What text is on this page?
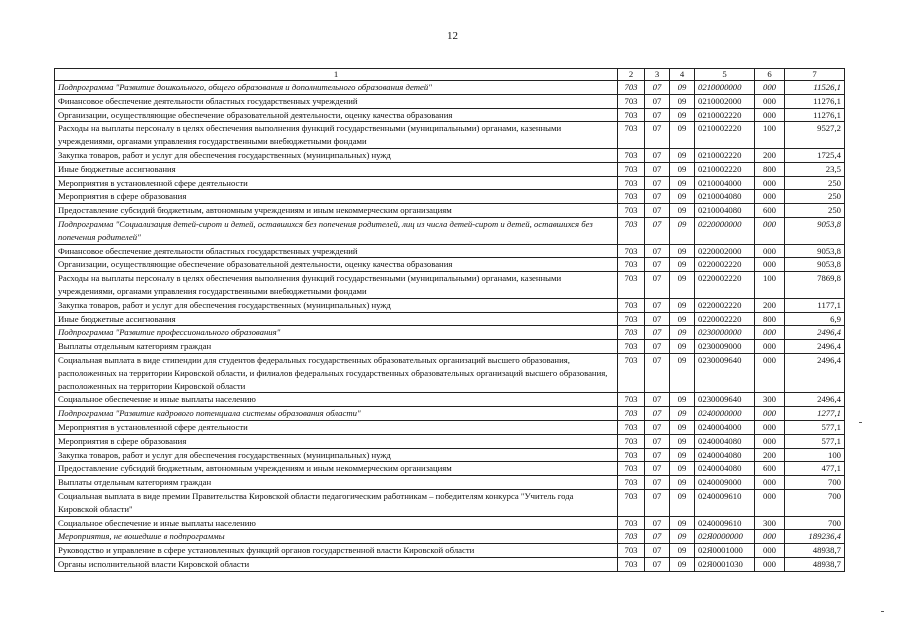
12
1	2	3	4	5	6	7
Подпрограмма "Развитие дошкольного, общего образования и дополнительного образования детей"	703	07	09	0210000000	000	11526,1
Финансовое обеспечение деятельности областных государственных учреждений	703	07	09	0210002000	000	11276,1
Организации, осуществляющие обеспечение образовательной деятельности, оценку качества образования	703	07	09	0210002220	000	11276,1
Расходы на выплаты персоналу в целях обеспечения выполнения функций государственными (муниципальными) органами, казенными учреждениями, органами управления государственными внебюджетными фондами	703	07	09	0210002220	100	9527,2
Закупка товаров, работ и услуг для обеспечения государственных (муниципальных) нужд	703	07	09	0210002220	200	1725,4
Иные бюджетные ассигнования	703	07	09	0210002220	800	23,5
Мероприятия в установленной сфере деятельности	703	07	09	0210004000	000	250
Мероприятия в сфере образования	703	07	09	0210004080	000	250
Предоставление субсидий бюджетным, автономным учреждениям и иным некоммерческим организациям	703	07	09	0210004080	600	250
Подпрограмма "Социализация детей-сирот и детей, оставшихся без попечения родителей, лиц из числа детей-сирот и детей, оставшихся без попечения родителей"	703	07	09	0220000000	000	9053,8
Финансовое обеспечение деятельности областных государственных учреждений	703	07	09	0220002000	000	9053,8
Организации, осуществляющие обеспечение образовательной деятельности, оценку качества образования	703	07	09	0220002220	000	9053,8
Расходы на выплаты персоналу в целях обеспечения выполнения функций государственными (муниципальными) органами, казенными учреждениями, органами управления государственными внебюджетными фондами	703	07	09	0220002220	100	7869,8
Закупка товаров, работ и услуг для обеспечения государственных (муниципальных) нужд	703	07	09	0220002220	200	1177,1
Иные бюджетные ассигнования	703	07	09	0220002220	800	6,9
Подпрограмма "Развитие профессионального образования"	703	07	09	0230000000	000	2496,4
Выплаты отдельным категориям граждан	703	07	09	0230009000	000	2496,4
Социальная выплата в виде стипендии для студентов федеральных государственных образовательных организаций высшего образования, расположенных на территории Кировской области, и филиалов федеральных государственных образовательных организаций высшего образования, расположенных на территории Кировской области	703	07	09	0230009640	000	2496,4
Социальное обеспечение и иные выплаты населению	703	07	09	0230009640	300	2496,4
Подпрограмма "Развитие кадрового потенциала системы образования области"	703	07	09	0240000000	000	1277,1
Мероприятия в установленной сфере деятельности	703	07	09	0240004000	000	577,1
Мероприятия в сфере образования	703	07	09	0240004080	000	577,1
Закупка товаров, работ и услуг для обеспечения государственных (муниципальных) нужд	703	07	09	0240004080	200	100
Предоставление субсидий бюджетным, автономным учреждениям и иным некоммерческим организациям	703	07	09	0240004080	600	477,1
Выплаты отдельным категориям граждан	703	07	09	0240009000	000	700
Социальная выплата в виде премии Правительства Кировской области педагогическим работникам – победителям конкурса "Учитель года Кировской области"	703	07	09	0240009610	000	700
Социальное обеспечение и иные выплаты населению	703	07	09	0240009610	300	700
Мероприятия, не вошедшие в подпрограммы	703	07	09	02Я0000000	000	189236,4
Руководство и управление в сфере установленных функций органов государственной власти Кировской области	703	07	09	02Я0001000	000	48938,7
Органы исполнительной власти Кировской области	703	07	09	02Я0001030	000	48938,7
